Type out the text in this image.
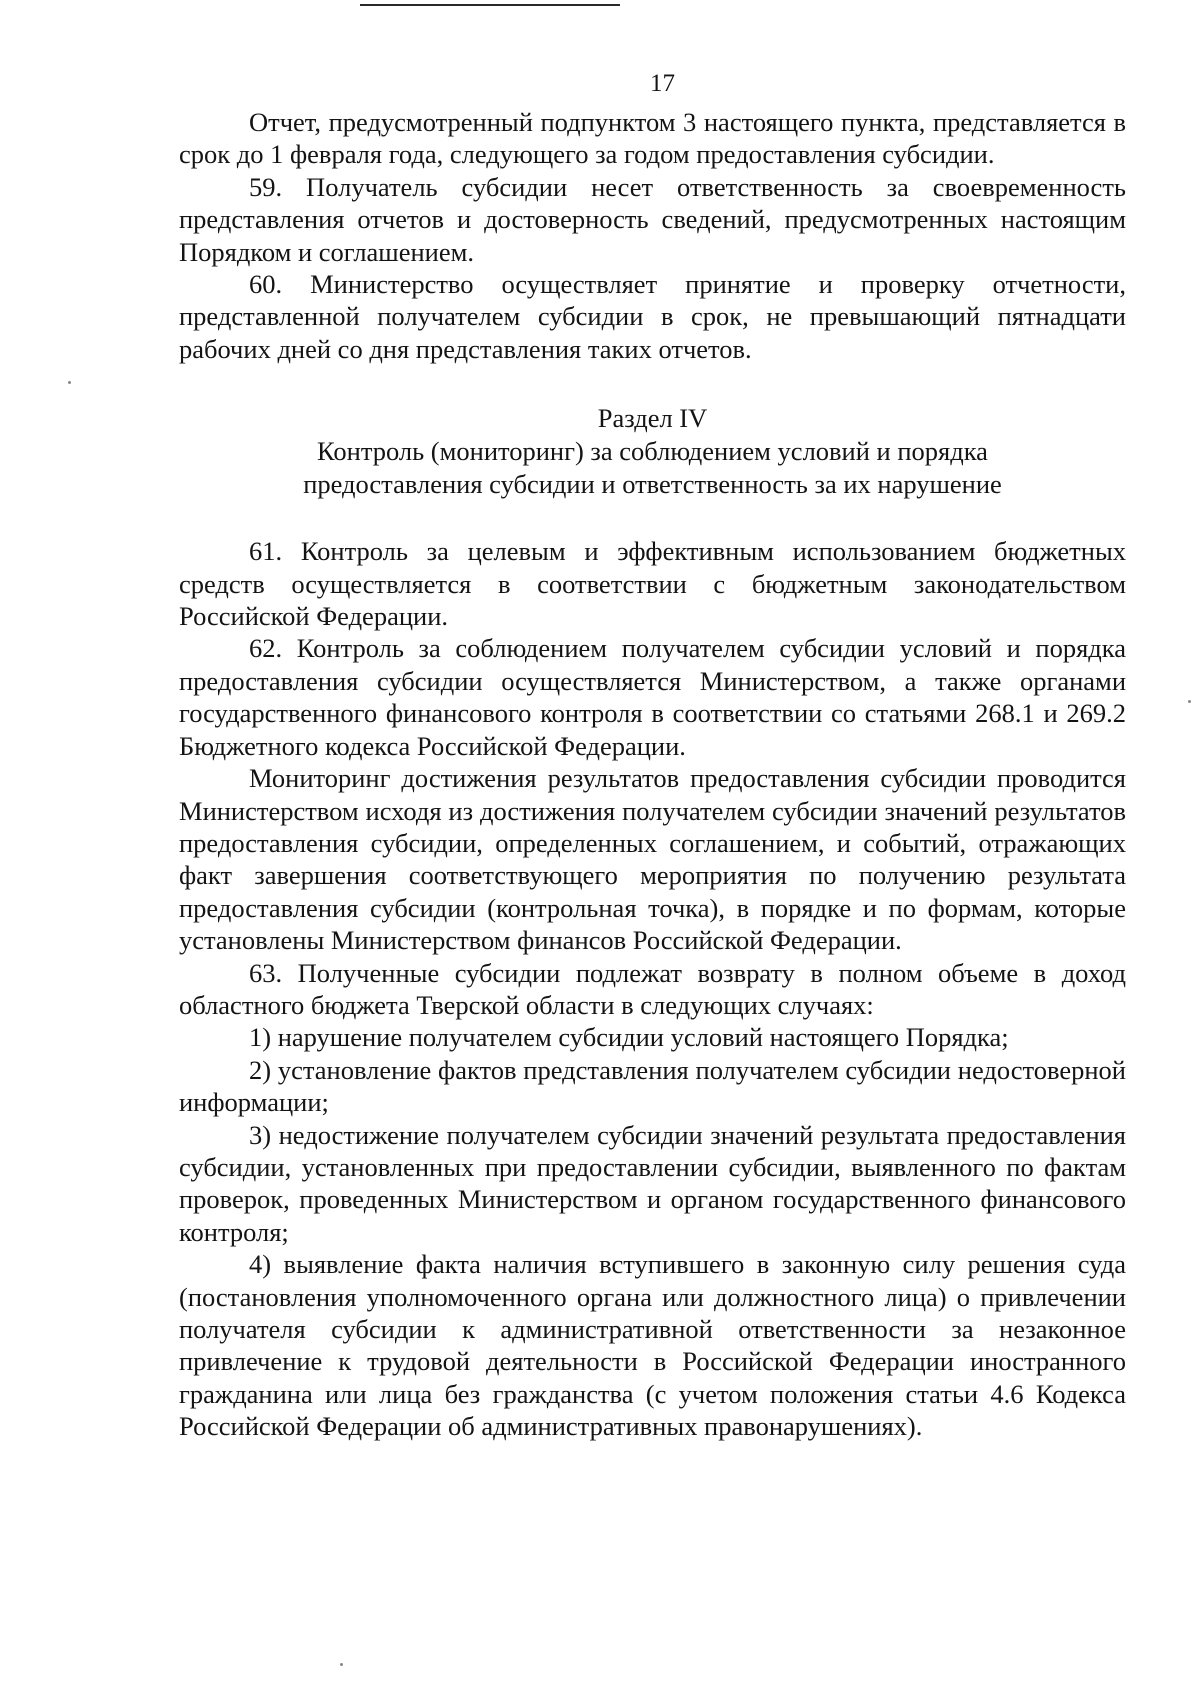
17

Отчет, предусмотренный подпунктом 3 настоящего пункта, представляется в срок до 1 февраля года, следующего за годом предоставления субсидии.

59. Получатель субсидии несет ответственность за своевременность представления отчетов и достоверность сведений, предусмотренных настоящим Порядком и соглашением.

60. Министерство осуществляет принятие и проверку отчетности, представленной получателем субсидии в срок, не превышающий пятнадцати рабочих дней со дня представления таких отчетов.

Раздел IV
Контроль (мониторинг) за соблюдением условий и порядка
предоставления субсидии и ответственность за их нарушение

61. Контроль за целевым и эффективным использованием бюджетных средств осуществляется в соответствии с бюджетным законодательством Российской Федерации.

62. Контроль за соблюдением получателем субсидии условий и порядка предоставления субсидии осуществляется Министерством, а также органами государственного финансового контроля в соответствии со статьями 268.1 и 269.2 Бюджетного кодекса Российской Федерации.

Мониторинг достижения результатов предоставления субсидии проводится Министерством исходя из достижения получателем субсидии значений результатов предоставления субсидии, определенных соглашением, и событий, отражающих факт завершения соответствующего мероприятия по получению результата предоставления субсидии (контрольная точка), в порядке и по формам, которые установлены Министерством финансов Российской Федерации.

63. Полученные субсидии подлежат возврату в полном объеме в доход областного бюджета Тверской области в следующих случаях:

1) нарушение получателем субсидии условий настоящего Порядка;

2) установление фактов представления получателем субсидии недостоверной информации;

3) недостижение получателем субсидии значений результата предоставления субсидии, установленных при предоставлении субсидии, выявленного по фактам проверок, проведенных Министерством и органом государственного финансового контроля;

4) выявление факта наличия вступившего в законную силу решения суда (постановления уполномоченного органа или должностного лица) о привлечении получателя субсидии к административной ответственности за незаконное привлечение к трудовой деятельности в Российской Федерации иностранного гражданина или лица без гражданства (с учетом положения статьи 4.6 Кодекса Российской Федерации об административных правонарушениях).
